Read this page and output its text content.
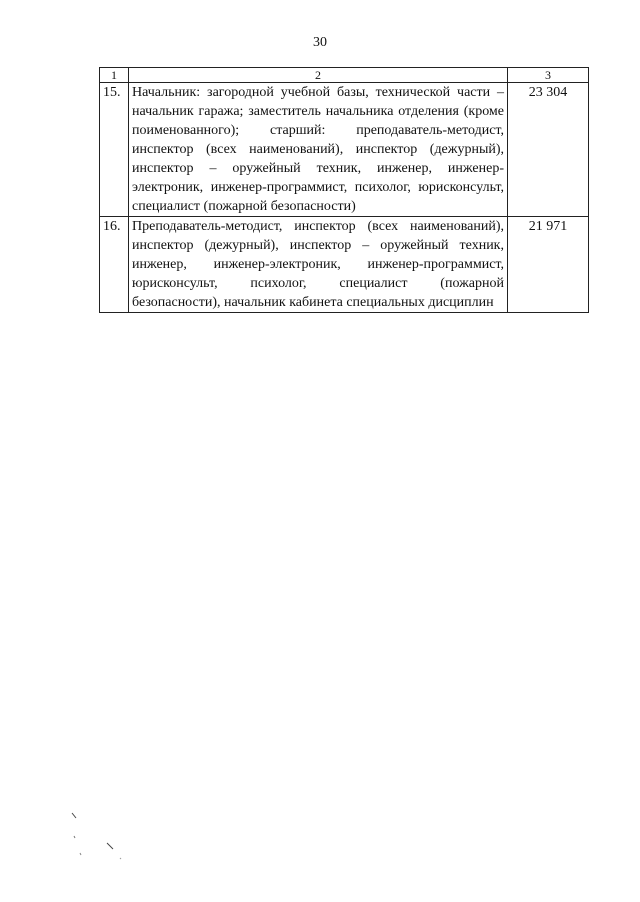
30
1	2	3
15.	Начальник: загородной учебной базы, технической части – начальник гаража; заместитель начальника отделения (кроме поименованного); старший: преподаватель-методист, инспектор (всех наименований), инспектор (дежурный), инспектор – оружейный техник, инженер, инженер-электроник, инженер-программист, психолог, юрисконсульт, специалист (пожарной безопасности)	23 304
16.	Преподаватель-методист, инспектор (всех наименований), инспектор (дежурный), инспектор – оружейный техник, инженер, инженер-электроник, инженер-программист, юрисконсульт, психолог, специалист (пожарной безопасности), начальник кабинета специальных дисциплин	21 971
